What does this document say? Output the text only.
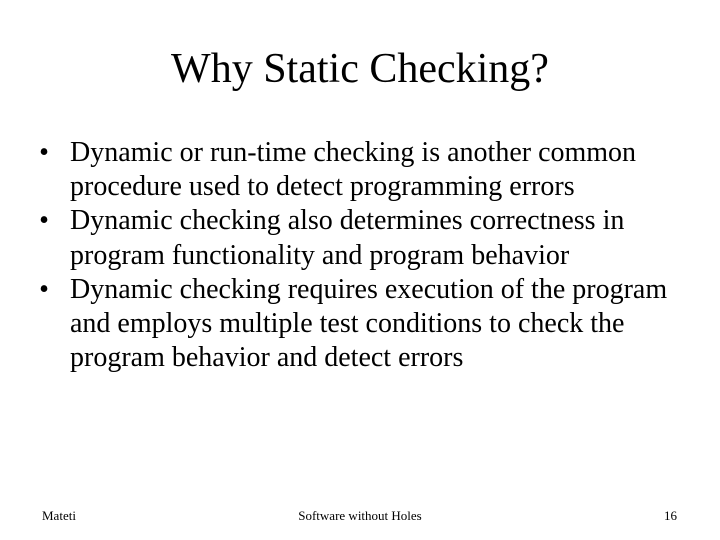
Why Static Checking?
• Dynamic or run-time checking is another common procedure used to detect programming errors
• Dynamic checking also determines correctness in program functionality and program behavior
• Dynamic checking requires execution of the program and employs multiple test conditions to check the program behavior and detect errors
Mateti	Software without Holes	16
